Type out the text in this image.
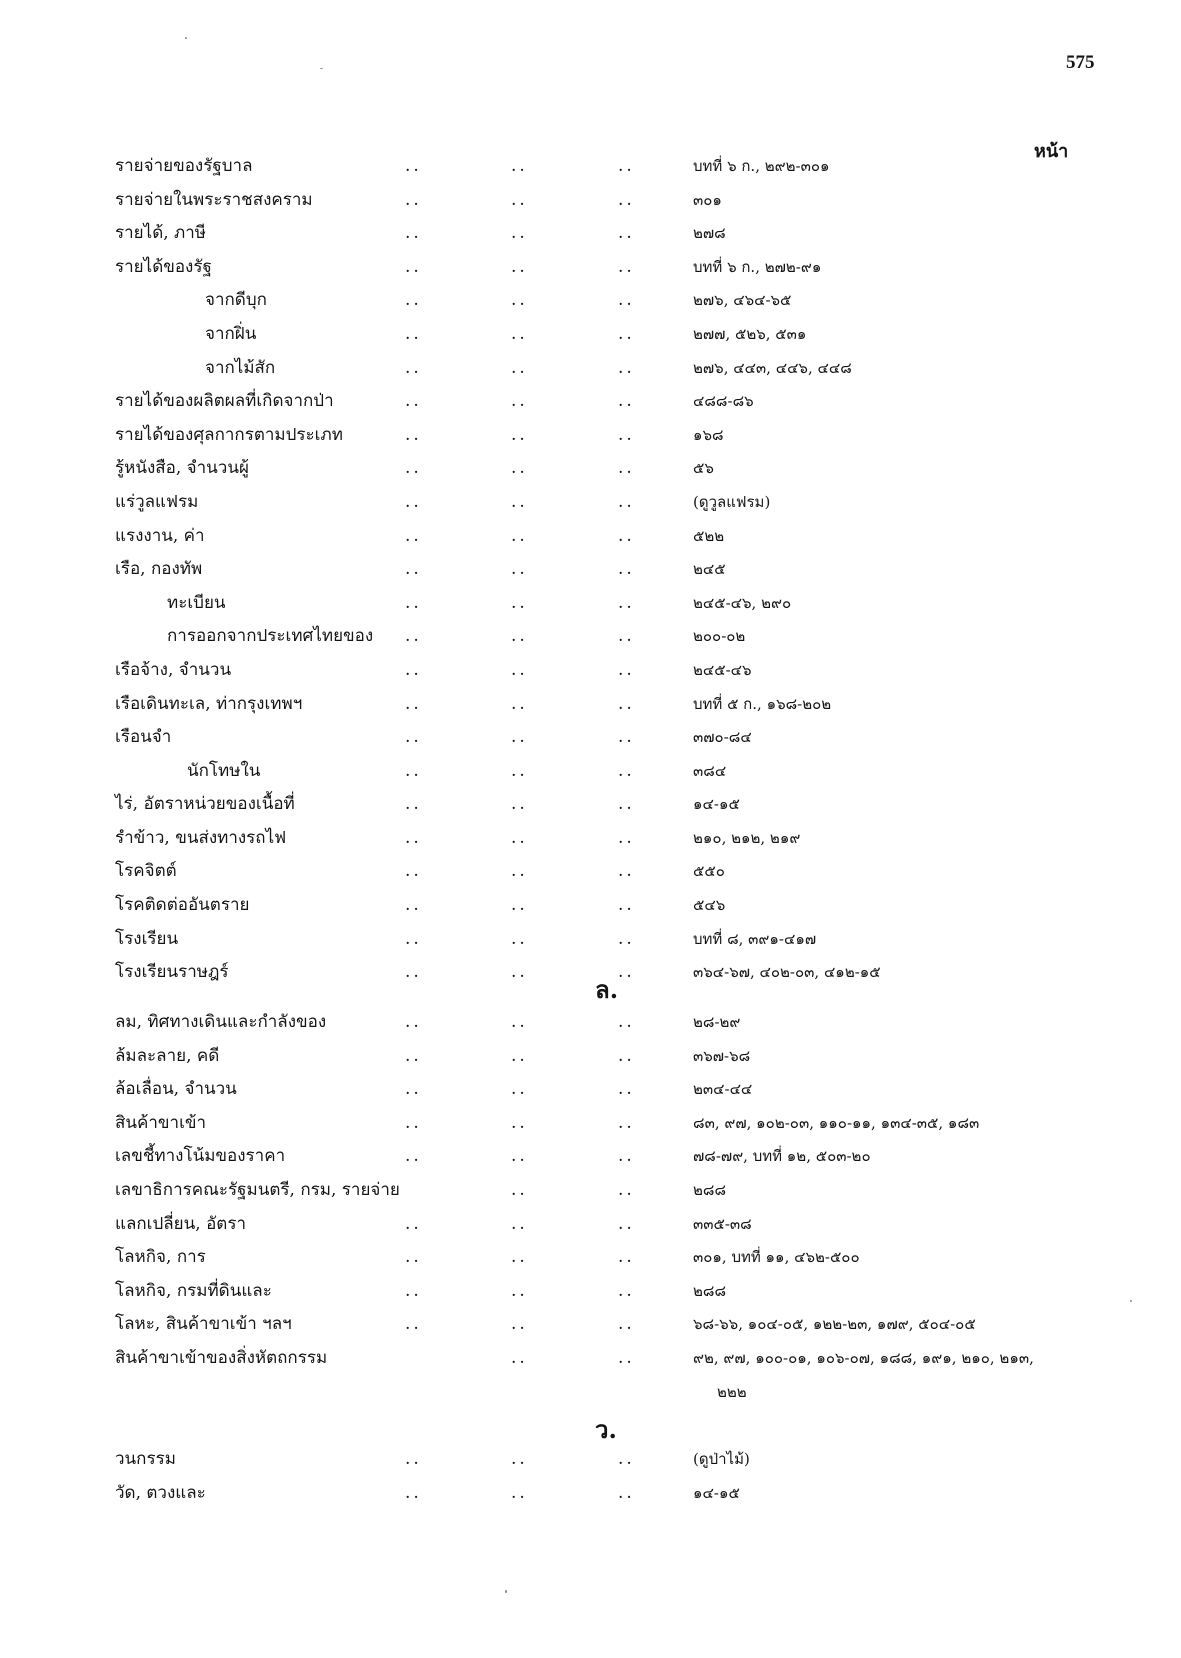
575
หน้า
รายจ่ายของรัฐบาล	..	..	..	บทที่ ๖ ก., ๒๙๒-๓๐๑
รายจ่ายในพระราชสงคราม	..	..	..	๓๐๑
รายได้, ภาษี	..	..	..	๒๗๘
รายได้ของรัฐ	..	..	..	บทที่ ๖ ก., ๒๗๒-๙๑
จากดีบุก	..	..	..	๒๗๖, ๔๖๔-๖๕
จากฝิ่น	..	..	..	๒๗๗, ๕๒๖, ๕๓๑
จากไม้สัก	..	..	..	๒๗๖, ๔๔๓, ๔๔๖, ๔๔๘
รายได้ของผลิตผลที่เกิดจากป่า	..	..	..	๔๘๘-๘๖
รายได้ของศุลกากรตามประเภท	..	..	..	๑๖๘
รู้หนังสือ, จำนวนผู้	..	..	..	๕๖
แร่วูลแฟรม	..	..	..	(ดูวูลแฟรม)
แรงงาน, ค่า	..	..	..	๕๒๒
เรือ, กองทัพ	..	..	..	๒๔๕
ทะเบียน	..	..	..	๒๔๕-๔๖, ๒๙๐
การออกจากประเทศไทยของ ..	..	..	๒๐๐-๐๒
เรือจ้าง, จำนวน	..	..	..	๒๔๕-๔๖
เรือเดินทะเล, ท่ากรุงเทพฯ	..	..	..	บทที่ ๕ ก., ๑๖๘-๒๐๒
เรือนจำ	..	..	..	๓๗๐-๘๔
นักโทษใน	..	..	..	๓๘๔
ไร่, อัตราหน่วยของเนื้อที่	..	..	..	๑๔-๑๕
รำข้าว, ขนส่งทางรถไฟ	..	..	..	๒๑๐, ๒๑๒, ๒๑๙
โรคจิตต์	..	..	..	๕๕๐
โรคติดต่ออันตราย	..	..	..	๕๔๖
โรงเรียน	..	..	..	บทที่ ๘, ๓๙๑-๔๑๗
โรงเรียนราษฎร์	..	..	..	๓๖๔-๖๗, ๔๐๒-๐๓, ๔๑๒-๑๕
ล.
ลม, ทิศทางเดินและกำลังของ	..	..	..	๒๘-๒๙
ล้มละลาย, คดี	..	..	..	๓๖๗-๖๘
ล้อเลื่อน, จำนวน	..	..	..	๒๓๔-๔๔
สินค้าขาเข้า	..	..	..	๘๓, ๙๗, ๑๐๒-๐๓, ๑๑๐-๑๑, ๑๓๔-๓๕, ๑๘๓
เลขชี้ทางโน้มของราคา	..	..	..	๗๘-๗๙, บทที่ ๑๒, ๕๐๓-๒๐
เลขาธิการคณะรัฐมนตรี, กรม, รายจ่าย	..	..	๒๘๘
แลกเปลี่ยน, อัตรา	..	..	..	๓๓๕-๓๘
โลหกิจ, การ	..	..	..	๓๐๑, บทที่ ๑๑, ๔๖๒-๕๐๐
โลหกิจ, กรมที่ดินและ	..	..	..	๒๘๘
โลหะ, สินค้าขาเข้า ฯลฯ	..	..	..	๖๘-๖๖, ๑๐๔-๐๕, ๑๒๒-๒๓, ๑๗๙, ๕๐๔-๐๕
สินค้าขาเข้าของสิ่งหัตถกรรม	..	..	๙๒, ๙๗, ๑๐๐-๐๑, ๑๐๖-๐๗, ๑๘๘, ๑๙๑, ๒๑๐, ๒๑๓,
๒๒๒
ว.
วนกรรม	..	..	..	(ดูป่าไม้)
วัด, ตวงและ	..	..	..	๑๔-๑๕
